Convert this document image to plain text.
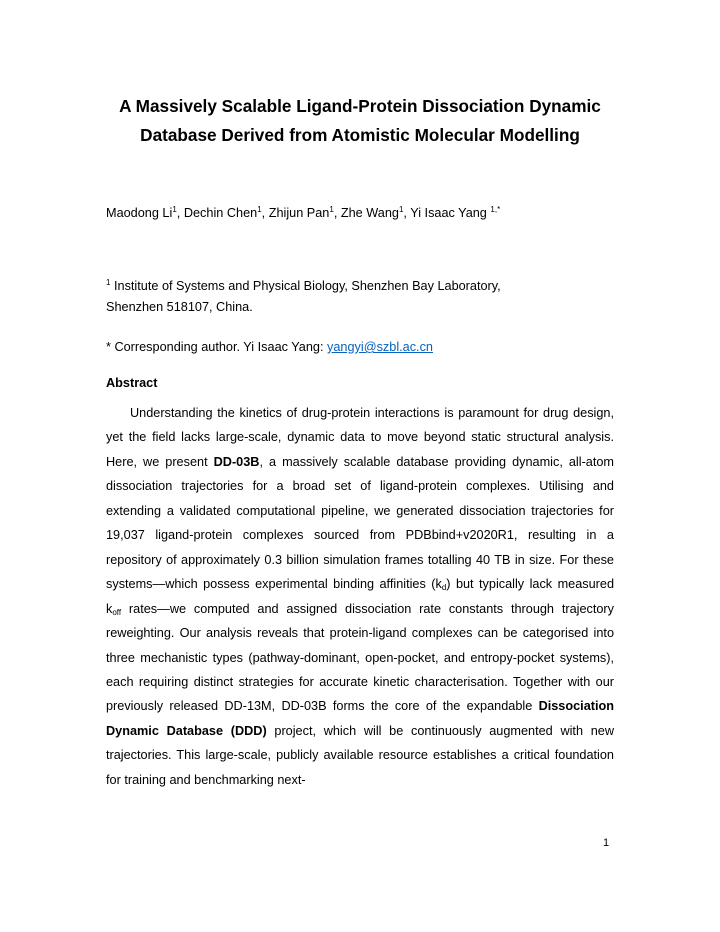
A Massively Scalable Ligand-Protein Dissociation Dynamic
Database Derived from Atomistic Molecular Modelling
Maodong Li$^1$, Dechin Chen$^1$, Zhijun Pan$^1$, Zhe Wang$^1$, Yi Isaac Yang $^{1,*}$
$^1$ Institute of Systems and Physical Biology, Shenzhen Bay Laboratory,
Shenzhen 518107, China.
* Corresponding author. Yi Isaac Yang: yangyi@szbl.ac.cn
Abstract
Understanding the kinetics of drug-protein interactions is paramount for drug design, yet the field lacks large-scale, dynamic data to move beyond static structural analysis. Here, we present DD-03B, a massively scalable database providing dynamic, all-atom dissociation trajectories for a broad set of ligand-protein complexes. Utilising and extending a validated computational pipeline, we generated dissociation trajectories for 19,037 ligand-protein complexes sourced from PDBbind+v2020R1, resulting in a repository of approximately 0.3 billion simulation frames totalling 40 TB in size. For these systems—which possess experimental binding affinities $(k_d)$ but typically lack measured $k_{off}$ rates—we computed and assigned dissociation rate constants through trajectory reweighting. Our analysis reveals that protein-ligand complexes can be categorised into three mechanistic types (pathway-dominant, open-pocket, and entropy-pocket systems), each requiring distinct strategies for accurate kinetic characterisation. Together with our previously released DD-13M, DD-03B forms the core of the expandable Dissociation Dynamic Database (DDD) project, which will be continuously augmented with new trajectories. This large-scale, publicly available resource establishes a critical foundation for training and benchmarking next-
1
